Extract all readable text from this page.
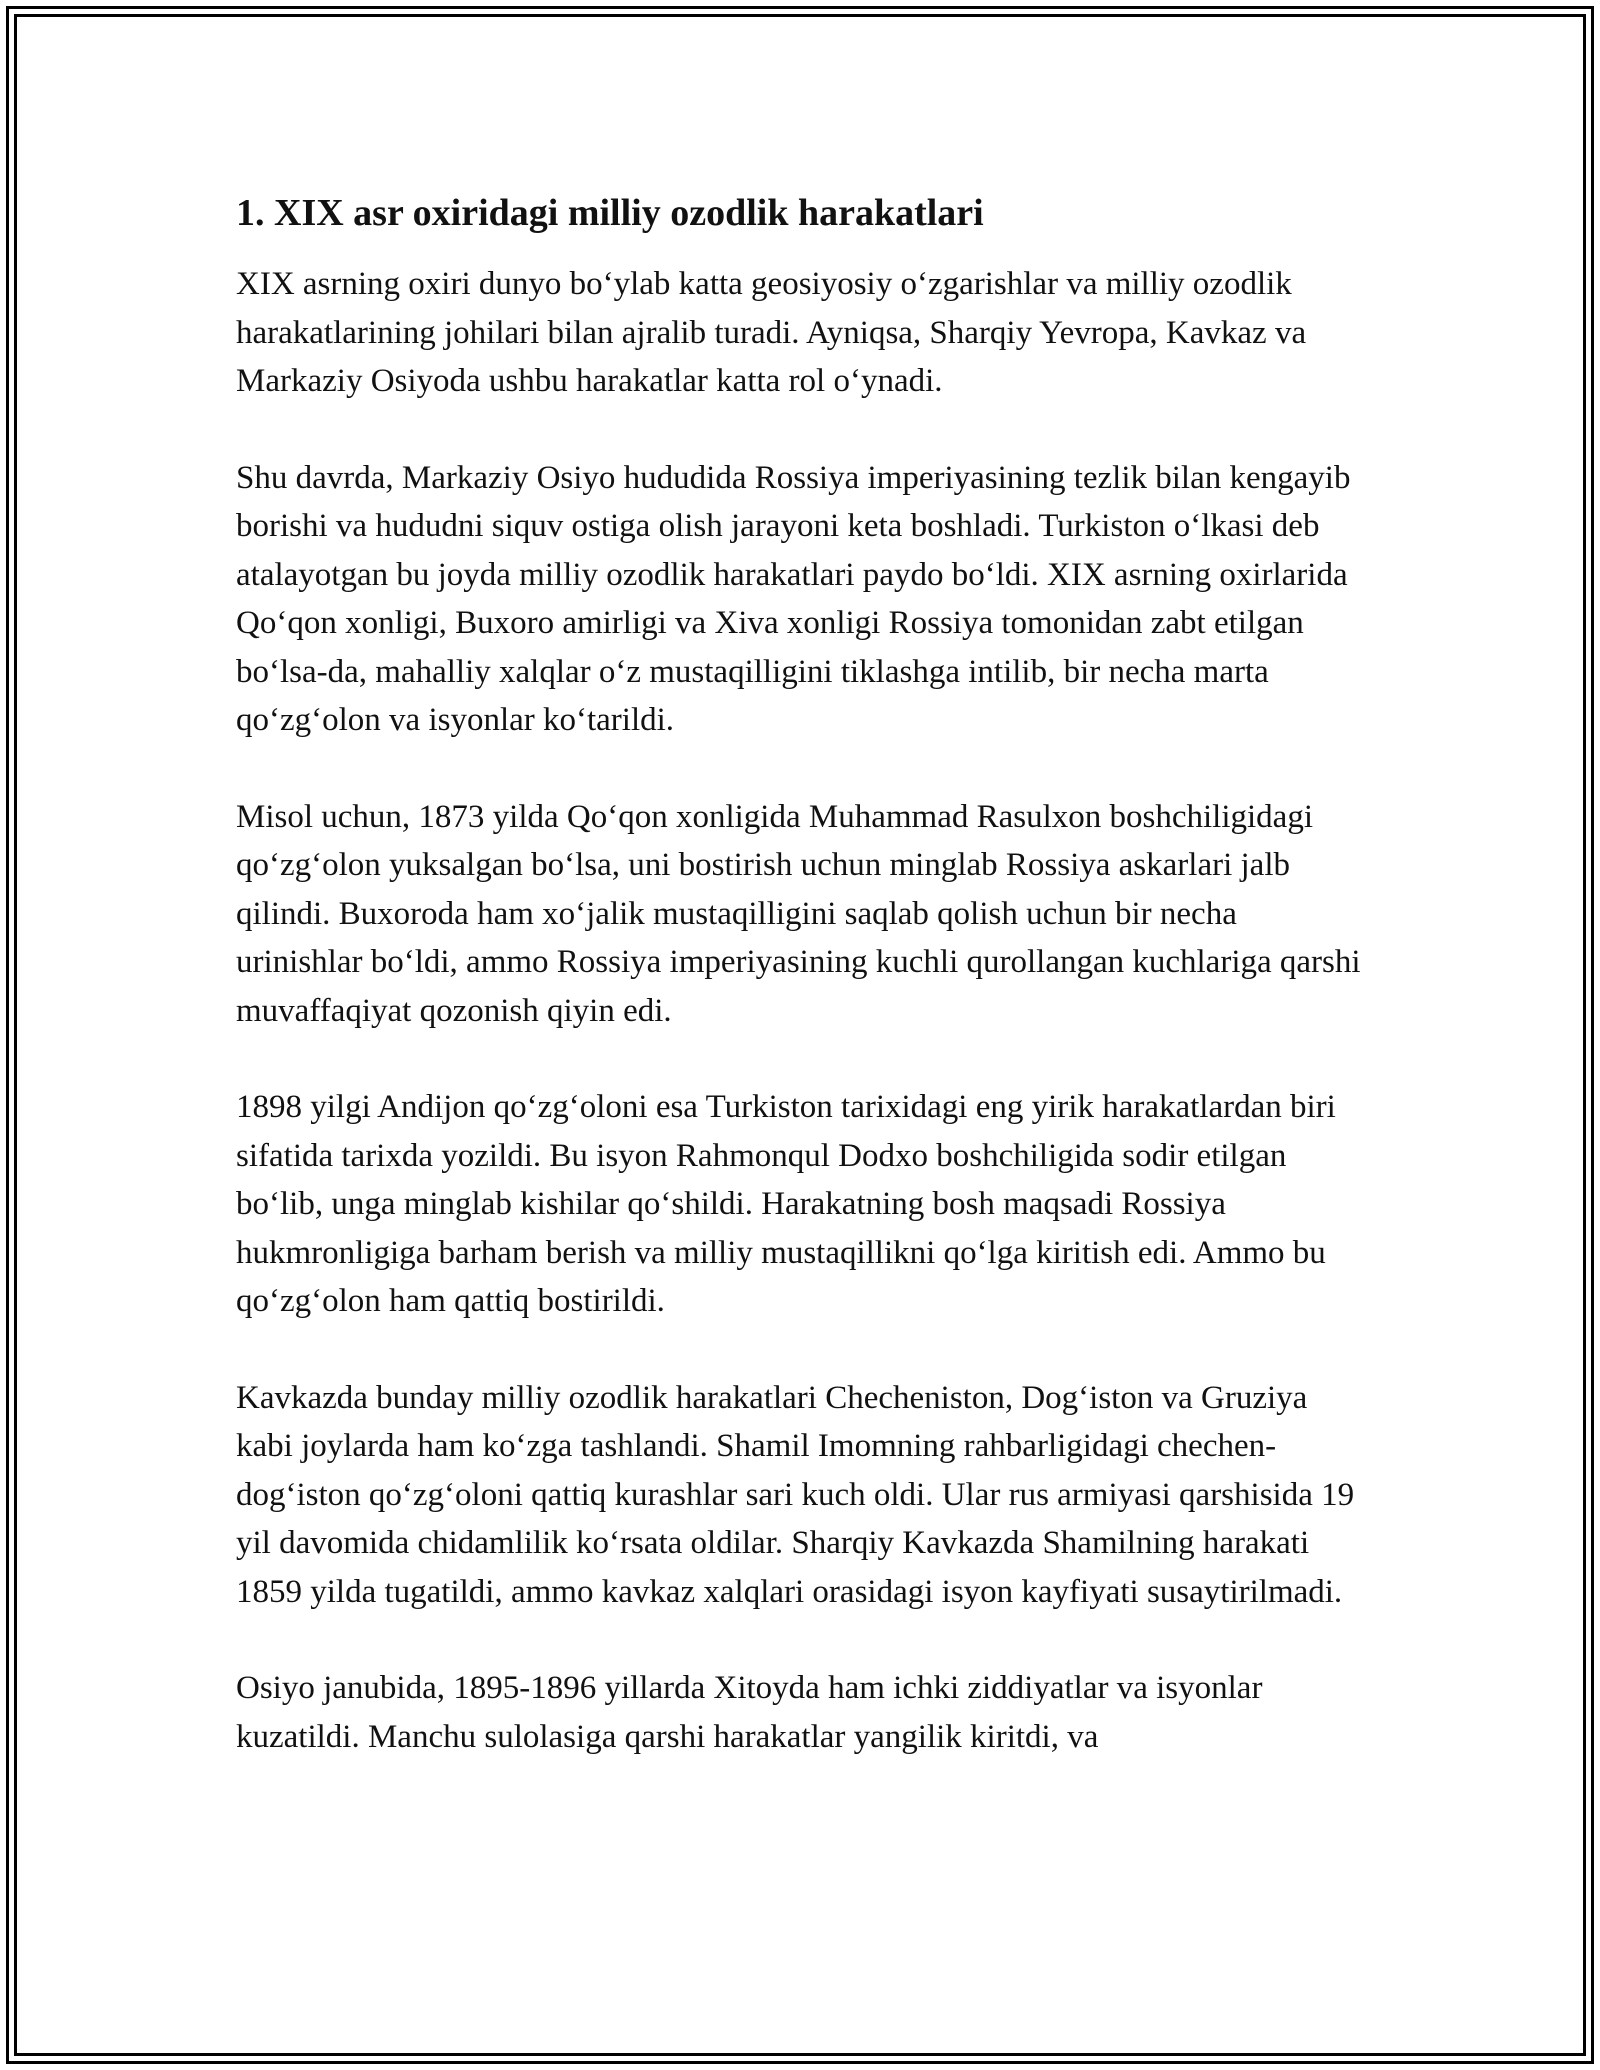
1. XIX asr oxiridagi milliy ozodlik harakatlari

XIX asrning oxiri dunyo bo‘ylab katta geosiyosiy o‘zgarishlar va milliy ozodlik harakatlarining johilari bilan ajralib turadi. Ayniqsa, Sharqiy Yevropa, Kavkaz va Markaziy Osiyoda ushbu harakatlar katta rol o‘ynadi.

Shu davrda, Markaziy Osiyo hududida Rossiya imperiyasining tezlik bilan kengayib borishi va hududni siquv ostiga olish jarayoni keta boshladi. Turkiston o‘lkasi deb atalayotgan bu joyda milliy ozodlik harakatlari paydo bo‘ldi. XIX asrning oxirlarida Qo‘qon xonligi, Buxoro amirligi va Xiva xonligi Rossiya tomonidan zabt etilgan bo‘lsa-da, mahalliy xalqlar o‘z mustaqilligini tiklashga intilib, bir necha marta qo‘zg‘olon va isyonlar ko‘tarildi.

Misol uchun, 1873 yilda Qo‘qon xonligida Muhammad Rasulxon boshchiligidagi qo‘zg‘olon yuksalgan bo‘lsa, uni bostirish uchun minglab Rossiya askarlari jalb qilindi. Buxoroda ham xo‘jalik mustaqilligini saqlab qolish uchun bir necha urinishlar bo‘ldi, ammo Rossiya imperiyasining kuchli qurollangan kuchlariga qarshi muvaffaqiyat qozonish qiyin edi.

1898 yilgi Andijon qo‘zg‘oloni esa Turkiston tarixidagi eng yirik harakatlardan biri sifatida tarixda yozildi. Bu isyon Rahmonqul Dodxo boshchiligida sodir etilgan bo‘lib, unga minglab kishilar qo‘shildi. Harakatning bosh maqsadi Rossiya hukmronligiga barham berish va milliy mustaqillikni qo‘lga kiritish edi. Ammo bu qo‘zg‘olon ham qattiq bostirildi.

Kavkazda bunday milliy ozodlik harakatlari Checheniston, Dog‘iston va Gruziya kabi joylarda ham ko‘zga tashlandi. Shamil Imomning rahbarligidagi chechen-dog‘iston qo‘zg‘oloni qattiq kurashlar sari kuch oldi. Ular rus armiyasi qarshisida 19 yil davomida chidamlilik ko‘rsata oldilar. Sharqiy Kavkazda Shamilning harakati 1859 yilda tugatildi, ammo kavkaz xalqlari orasidagi isyon kayfiyati susaytirilmadi.

Osiyo janubida, 1895-1896 yillarda Xitoyda ham ichki ziddiyatlar va isyonlar kuzatildi. Manchu sulolasiga qarshi harakatlar yangilik kiritdi, va
